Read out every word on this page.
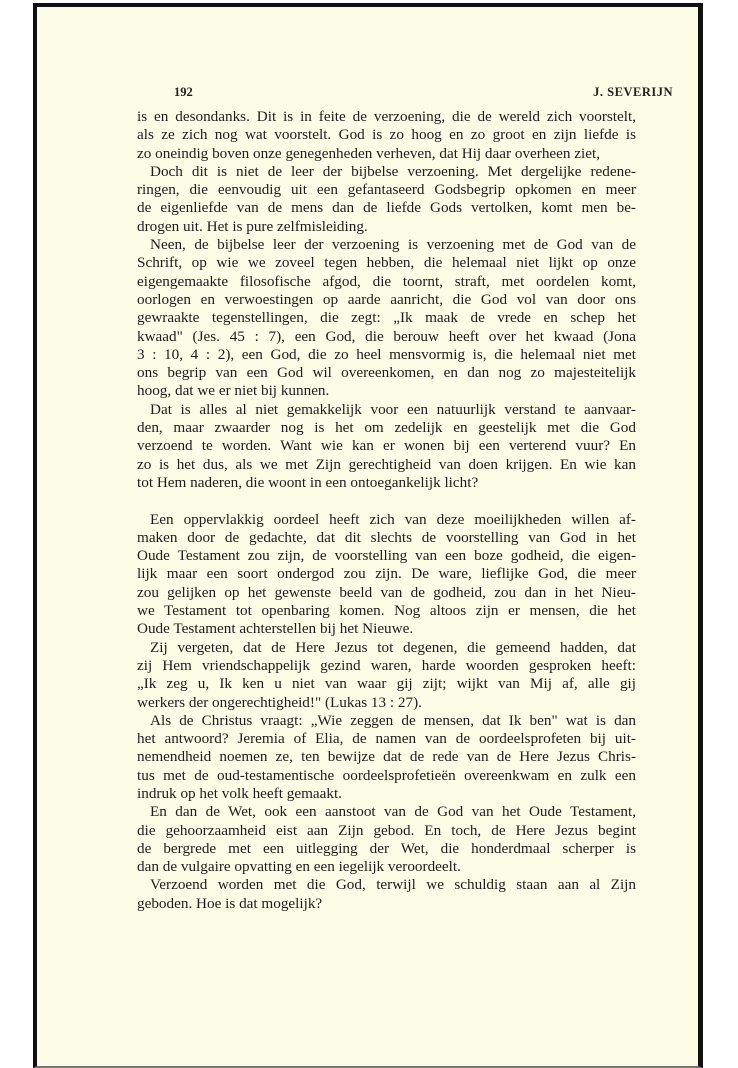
192	J. SEVERIJN
is en desondanks. Dit is in feite de verzoening, die de wereld zich voorstelt,
als ze zich nog wat voorstelt. God is zo hoog en zo groot en zijn liefde is
zo oneindig boven onze genegenheden verheven, dat Hij daar overheen ziet,
Doch dit is niet de leer der bijbelse verzoening. Met dergelijke redene-
ringen, die eenvoudig uit een gefantaseerd Godsbegrip opkomen en meer
de eigenliefde van de mens dan de liefde Gods vertolken, komt men be-
drogen uit. Het is pure zelfmisleiding.
Neen, de bijbelse leer der verzoening is verzoening met de God van de
Schrift, op wie we zoveel tegen hebben, die helemaal niet lijkt op onze
eigengemaakte filosofische afgod, die toornt, straft, met oordelen komt,
oorlogen en verwoestingen op aarde aanricht, die God vol van door ons
gewraakte tegenstellingen, die zegt: „Ik maak de vrede en schep het
kwaad" (Jes. 45 : 7), een God, die berouw heeft over het kwaad (Jona
3 : 10, 4 : 2), een God, die zo heel mensvormig is, die helemaal niet met
ons begrip van een God wil overeenkomen, en dan nog zo majesteitelijk
hoog, dat we er niet bij kunnen.
Dat is alles al niet gemakkelijk voor een natuurlijk verstand te aanvaar-
den, maar zwaarder nog is het om zedelijk en geestelijk met die God
verzoend te worden. Want wie kan er wonen bij een verterend vuur? En
zo is het dus, als we met Zijn gerechtigheid van doen krijgen. En wie kan
tot Hem naderen, die woont in een ontoegankelijk licht?
Een oppervlakkig oordeel heeft zich van deze moeilijkheden willen af-
maken door de gedachte, dat dit slechts de voorstelling van God in het
Oude Testament zou zijn, de voorstelling van een boze godheid, die eigen-
lijk maar een soort ondergod zou zijn. De ware, lieflijke God, die meer
zou gelijken op het gewenste beeld van de godheid, zou dan in het Nieu-
we Testament tot openbaring komen. Nog altoos zijn er mensen, die het
Oude Testament achterstellen bij het Nieuwe.
Zij vergeten, dat de Here Jezus tot degenen, die gemeend hadden, dat
zij Hem vriendschappelijk gezind waren, harde woorden gesproken heeft:
„Ik zeg u, Ik ken u niet van waar gij zijt; wijkt van Mij af, alle gij
werkers der ongerechtigheid!" (Lukas 13 : 27).
Als de Christus vraagt: „Wie zeggen de mensen, dat Ik ben" wat is dan
het antwoord? Jeremia of Elia, de namen van de oordeelsprofeten bij uit-
nemendheid noemen ze, ten bewijze dat de rede van de Here Jezus Chris-
tus met de oud-testamentische oordeelsprofetieën overeenkwam en zulk een
indruk op het volk heeft gemaakt.
En dan de Wet, ook een aanstoot van de God van het Oude Testament,
die gehoorzaamheid eist aan Zijn gebod. En toch, de Here Jezus begint
de bergrede met een uitlegging der Wet, die honderdmaal scherper is
dan de vulgaire opvatting en een iegelijk veroordeelt.
Verzoend worden met die God, terwijl we schuldig staan aan al Zijn
geboden. Hoe is dat mogelijk?
